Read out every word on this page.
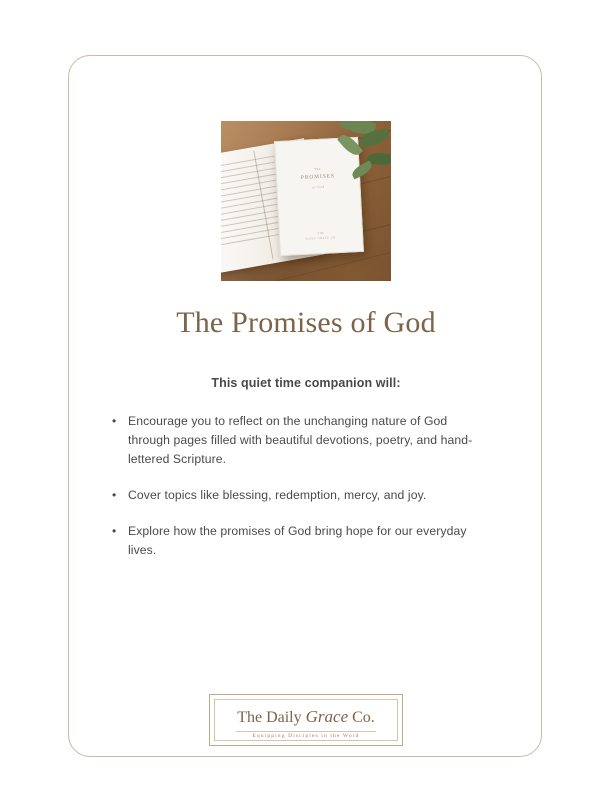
The
PROMISES
of God
THE
DAILY GRACE CO.
The Promises of God
This quiet time companion will:
• Encourage you to reflect on the unchanging nature of God through pages filled with beautiful devotions, poetry, and hand-lettered Scripture.
• Cover topics like blessing, redemption, mercy, and joy.
• Explore how the promises of God bring hope for our everyday lives.
The Daily Grace Co.
Equipping Disciples in the Word
